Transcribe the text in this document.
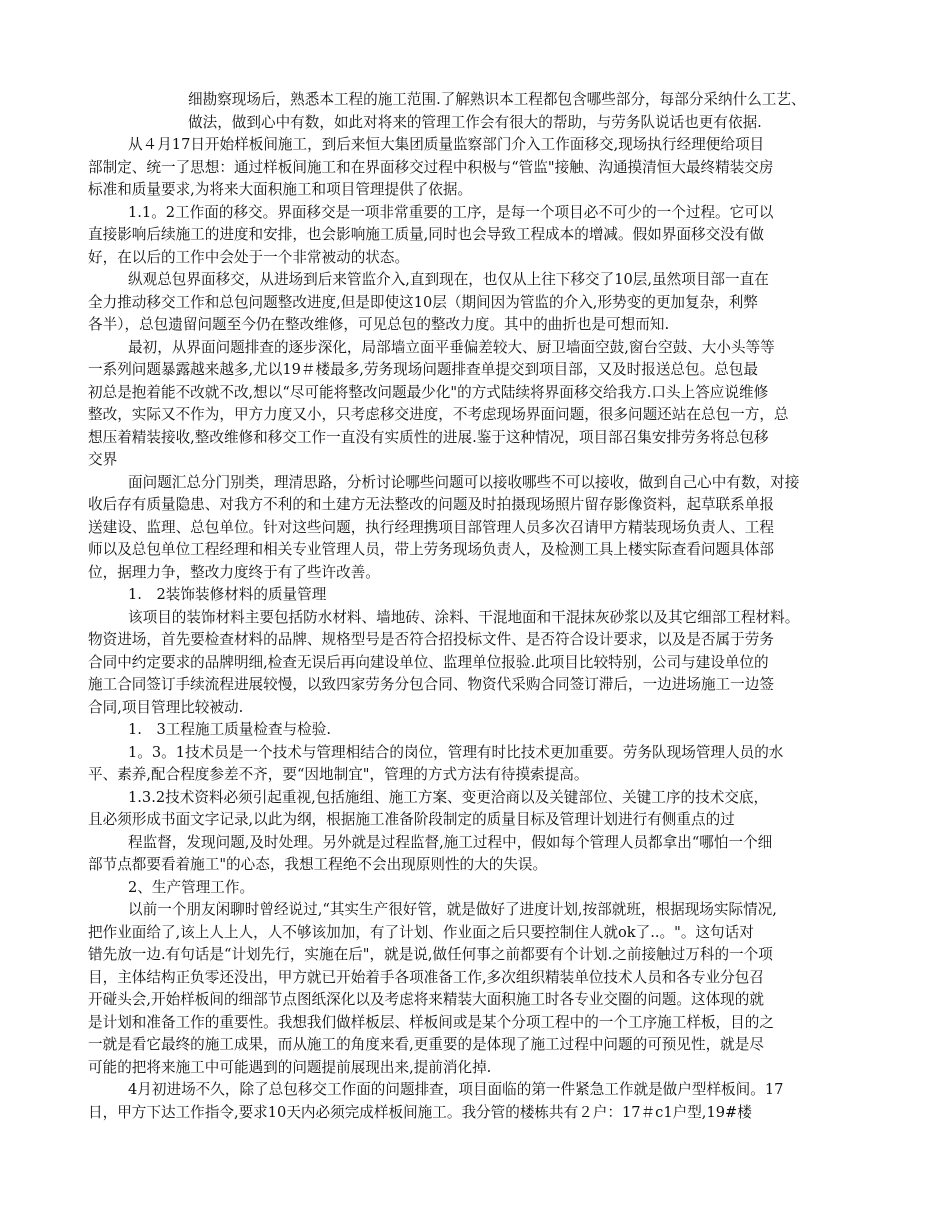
细勘察现场后，熟悉本工程的施工范围.了解熟识本工程都包含哪些部分，每部分采纳什么工艺、
做法，做到心中有数，如此对将来的管理工作会有很大的帮助，与劳务队说话也更有依据.
从４月17日开始样板间施工，到后来恒大集团质量监察部门介入工作面移交,现场执行经理便给项目
部制定、统一了思想：通过样板间施工和在界面移交过程中积极与“管监"接触、沟通摸清恒大最终精装交房
标准和质量要求,为将来大面积施工和项目管理提供了依据。
1.1。2工作面的移交。界面移交是一项非常重要的工序，是每一个项目必不可少的一个过程。它可以
直接影响后续施工的进度和安排，也会影响施工质量,同时也会导致工程成本的增减。假如界面移交没有做
好，在以后的工作中会处于一个非常被动的状态。
纵观总包界面移交，从进场到后来管监介入,直到现在，也仅从上往下移交了10层,虽然项目部一直在
全力推动移交工作和总包问题整改进度,但是即使这10层（期间因为管监的介入,形势变的更加复杂，利弊
各半），总包遗留问题至今仍在整改维修，可见总包的整改力度。其中的曲折也是可想而知.
最初，从界面问题排查的逐步深化，局部墙立面平垂偏差较大、厨卫墙面空鼓,窗台空鼓、大小头等等
一系列问题暴露越来越多,尤以19＃楼最多,劳务现场问题排查单提交到项目部，又及时报送总包。总包最
初总是抱着能不改就不改,想以“尽可能将整改问题最少化"的方式陆续将界面移交给我方.口头上答应说维修
整改，实际又不作为，甲方力度又小，只考虑移交进度，不考虑现场界面问题，很多问题还站在总包一方，总
想压着精装接收,整改维修和移交工作一直没有实质性的进展.鉴于这种情况，项目部召集安排劳务将总包移
交界
面问题汇总分门别类，理清思路，分析讨论哪些问题可以接收哪些不可以接收，做到自己心中有数，对接
收后存有质量隐患、对我方不利的和土建方无法整改的问题及时拍摄现场照片留存影像资料，起草联系单报
送建设、监理、总包单位。针对这些问题，执行经理携项目部管理人员多次召请甲方精装现场负责人、工程
师以及总包单位工程经理和相关专业管理人员，带上劳务现场负责人，及检测工具上楼实际查看问题具体部
位，据理力争，整改力度终于有了些许改善。
1.　2装饰装修材料的质量管理
该项目的装饰材料主要包括防水材料、墙地砖、涂料、干混地面和干混抹灰砂浆以及其它细部工程材料。
物资进场，首先要检查材料的品牌、规格型号是否符合招投标文件、是否符合设计要求，以及是否属于劳务
合同中约定要求的品牌明细,检查无误后再向建设单位、监理单位报验.此项目比较特别，公司与建设单位的
施工合同签订手续流程进展较慢，以致四家劳务分包合同、物资代采购合同签订滞后，一边进场施工一边签
合同,项目管理比较被动.
1.　3工程施工质量检查与检验.
1。3。1技术员是一个技术与管理相结合的岗位，管理有时比技术更加重要。劳务队现场管理人员的水
平、素养,配合程度参差不齐，要“因地制宜"，管理的方式方法有待摸索提高。
1.3.2技术资料必须引起重视,包括施组、施工方案、变更洽商以及关键部位、关键工序的技术交底，
且必须形成书面文字记录,以此为纲，根据施工准备阶段制定的质量目标及管理计划进行有侧重点的过
程监督，发现问题,及时处理。另外就是过程监督,施工过程中，假如每个管理人员都拿出“哪怕一个细
部节点都要看着施工"的心态，我想工程绝不会出现原则性的大的失误。
2、生产管理工作。
以前一个朋友闲聊时曾经说过,“其实生产很好管，就是做好了进度计划,按部就班，根据现场实际情况,
把作业面给了,该上人上人，人不够该加加，有了计划、作业面之后只要控制住人就ok了..。"。这句话对
错先放一边.有句话是“计划先行，实施在后"，就是说,做任何事之前都要有个计划.之前接触过万科的一个项
目，主体结构正负零还没出，甲方就已开始着手各项准备工作,多次组织精装单位技术人员和各专业分包召
开碰头会,开始样板间的细部节点图纸深化以及考虑将来精装大面积施工时各专业交圈的问题。这体现的就
是计划和准备工作的重要性。我想我们做样板层、样板间或是某个分项工程中的一个工序施工样板，目的之
一就是看它最终的施工成果，而从施工的角度来看,更重要的是体现了施工过程中问题的可预见性，就是尽
可能的把将来施工中可能遇到的问题提前展现出来,提前消化掉.
4月初进场不久，除了总包移交工作面的问题排查，项目面临的第一件紧急工作就是做户型样板间。17
日，甲方下达工作指令,要求10天内必须完成样板间施工。我分管的楼栋共有２户：17＃c1户型,19#楼
